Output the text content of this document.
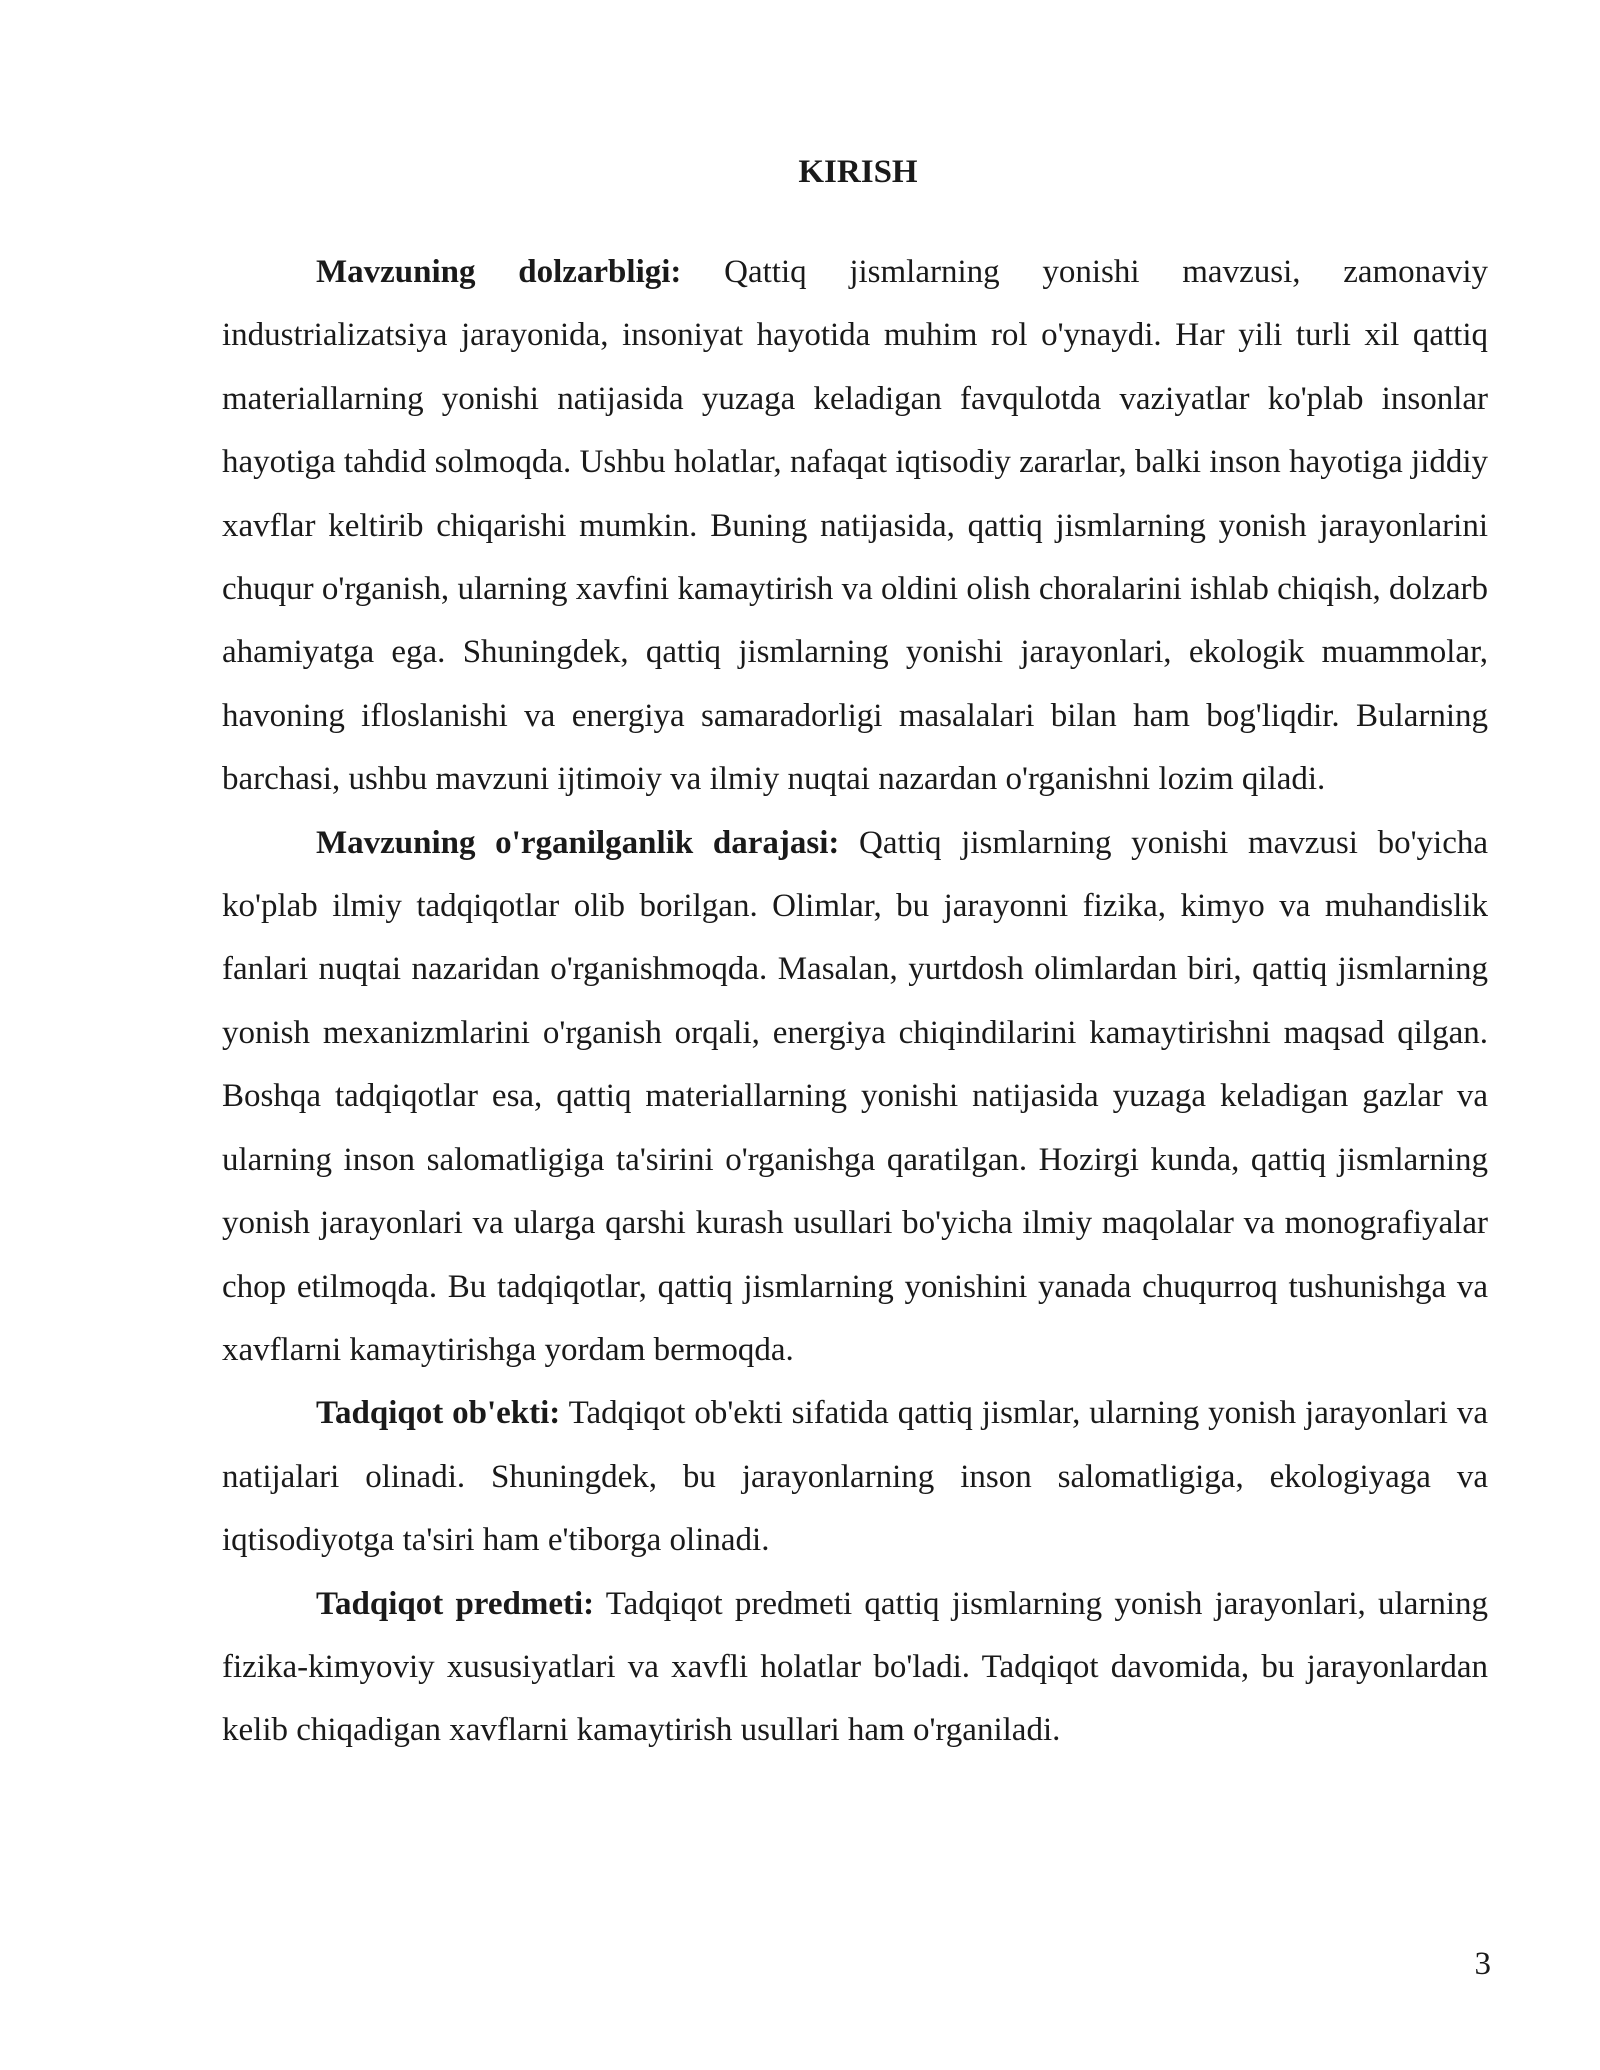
KIRISH

Mavzuning dolzarbligi: Qattiq jismlarning yonishi mavzusi, zamonaviy industrializatsiya jarayonida, insoniyat hayotida muhim rol o'ynaydi. Har yili turli xil qattiq materiallarning yonishi natijasida yuzaga keladigan favqulotda vaziyatlar ko'plab insonlar hayotiga tahdid solmoqda. Ushbu holatlar, nafaqat iqtisodiy zararlar, balki inson hayotiga jiddiy xavflar keltirib chiqarishi mumkin. Buning natijasida, qattiq jismlarning yonish jarayonlarini chuqur o'rganish, ularning xavfini kamaytirish va oldini olish choralarini ishlab chiqish, dolzarb ahamiyatga ega. Shuningdek, qattiq jismlarning yonishi jarayonlari, ekologik muammolar, havoning ifloslanishi va energiya samaradorligi masalalari bilan ham bog'liqdir. Bularning barchasi, ushbu mavzuni ijtimoiy va ilmiy nuqtai nazardan o'rganishni lozim qiladi.

Mavzuning o'rganilganlik darajasi: Qattiq jismlarning yonishi mavzusi bo'yicha ko'plab ilmiy tadqiqotlar olib borilgan. Olimlar, bu jarayonni fizika, kimyo va muhandislik fanlari nuqtai nazaridan o'rganishmoqda. Masalan, yurtdosh olimlardan biri, qattiq jismlarning yonish mexanizmlarini o'rganish orqali, energiya chiqindilarini kamaytirishni maqsad qilgan. Boshqa tadqiqotlar esa, qattiq materiallarning yonishi natijasida yuzaga keladigan gazlar va ularning inson salomatligiga ta'sirini o'rganishga qaratilgan. Hozirgi kunda, qattiq jismlarning yonish jarayonlari va ularga qarshi kurash usullari bo'yicha ilmiy maqolalar va monografiyalar chop etilmoqda. Bu tadqiqotlar, qattiq jismlarning yonishini yanada chuqurroq tushunishga va xavflarni kamaytirishga yordam bermoqda.

Tadqiqot ob'ekti: Tadqiqot ob'ekti sifatida qattiq jismlar, ularning yonish jarayonlari va natijalari olinadi. Shuningdek, bu jarayonlarning inson salomatligiga, ekologiyaga va iqtisodiyotga ta'siri ham e'tiborga olinadi.

Tadqiqot predmeti: Tadqiqot predmeti qattiq jismlarning yonish jarayonlari, ularning fizika-kimyoviy xususiyatlari va xavfli holatlar bo'ladi. Tadqiqot davomida, bu jarayonlardan kelib chiqadigan xavflarni kamaytirish usullari ham o'rganiladi.

3
